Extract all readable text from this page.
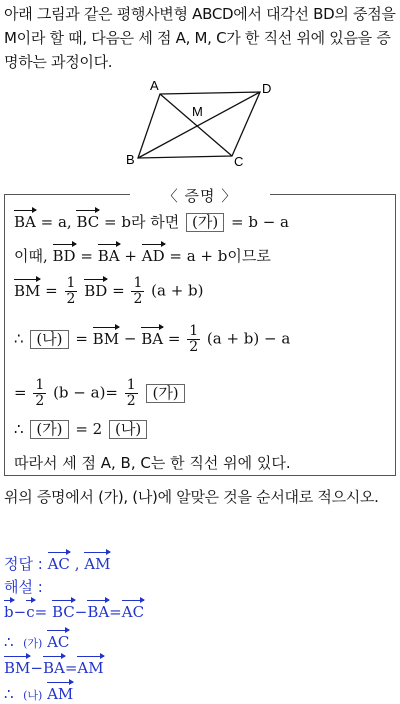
아래 그림과 같은 평행사변형 ABCD에서 대각선 BD의 중점을
M이라 할 때, 다음은 세 점 A, M, C가 한 직선 위에 있음을 증
명하는 과정이다.
A	D
M
B	C
〈 증명 〉
BA = a, BC = b라 하면 (가) = b − a
이때, BD = BA + AD = a + b이므로
BM = $\frac{1}{2}$ BD = $\frac{1}{2} (a + b)$
∴ (나) = BM − BA = $\frac{1}{2} (a + b) - a$
= $\frac{1}{2} (b - a)= \frac{1}{2}$ (가)
∴ (가) = 2 (나)
따라서 세 점 A, B, C는 한 직선 위에 있다.
위의 증명에서 (가), (나)에 알맞은 것을 순서대로 적으시오.
정답 : AC , AM
해설 :
b−c= BC−BA=AC
∴ (가) AC
BM−BA=AM
∴ (나) AM
